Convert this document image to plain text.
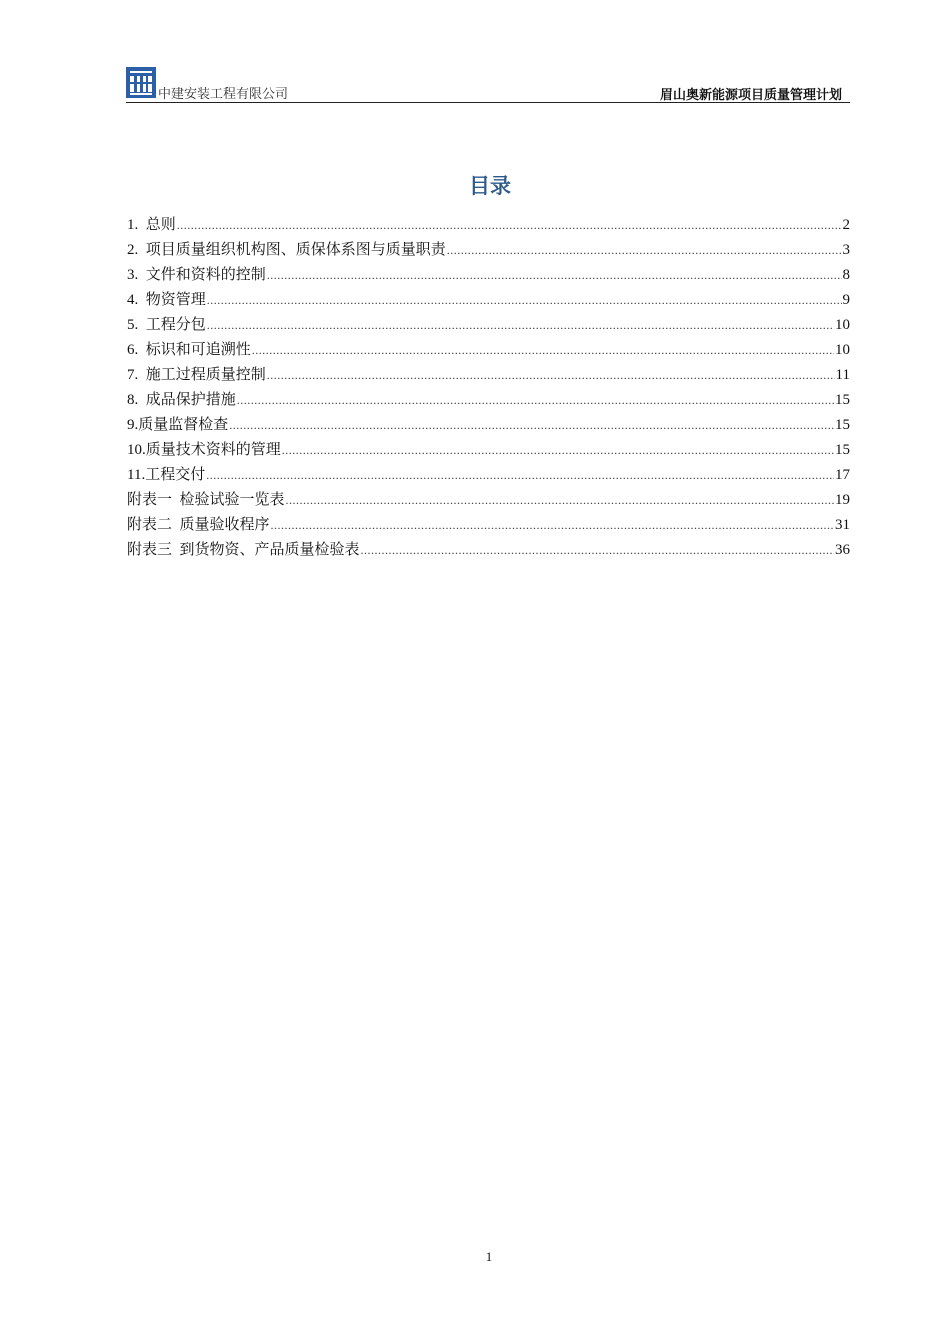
中建安装工程有限公司	眉山奥新能源项目质量管理计划
目录
1. 总则 .....	2
2. 项目质量组织机构图、质保体系图与质量职责 .....	3
3. 文件和资料的控制 .....	8
4. 物资管理 .....	9
5. 工程分包 .....	10
6. 标识和可追溯性 .....	10
7. 施工过程质量控制 .....	11
8. 成品保护措施 .....	15
9. 质量监督检查 .....	15
10. 质量技术资料的管理 .....	15
11. 工程交付 .....	17
附表一 检验试验一览表 .....	19
附表二 质量验收程序 .....	31
附表三 到货物资、产品质量检验表 .....	36
1
